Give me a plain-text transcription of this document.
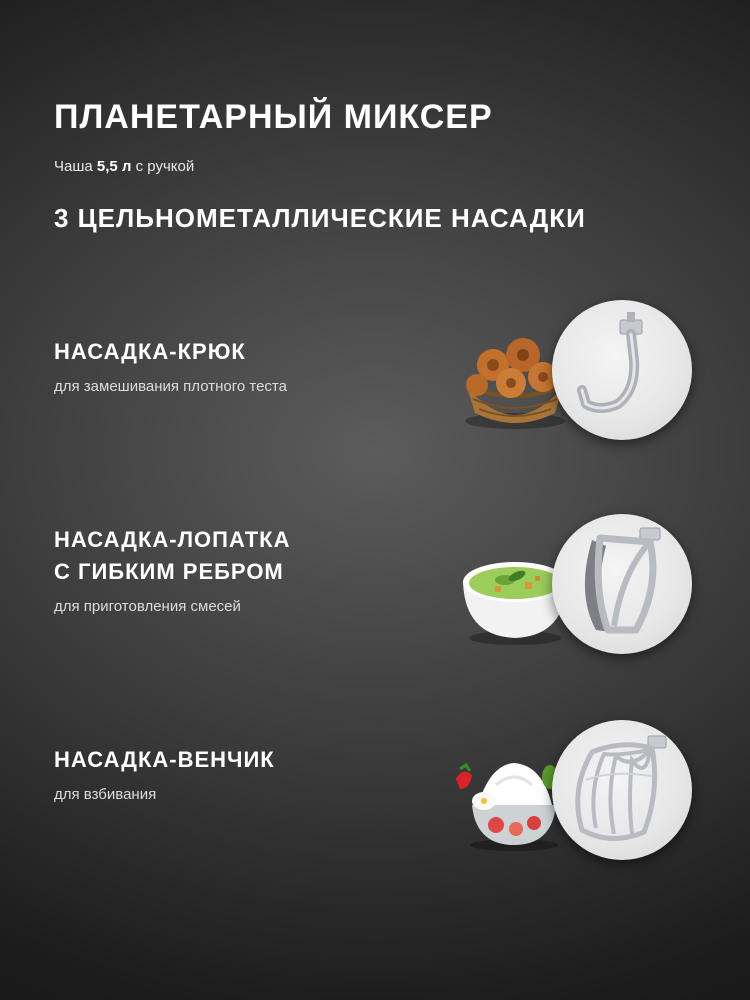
ПЛАНЕТАРНЫЙ МИКСЕР

Чаша 5,5 л с ручкой

3 ЦЕЛЬНОМЕТАЛЛИЧЕСКИЕ НАСАДКИ
НАСАДКА-КРЮК

для замешивания плотного теста

НАСАДКА-ЛОПАТКА
С ГИБКИМ РЕБРОМ

для приготовления смесей

НАСАДКА-ВЕНЧИК

для взбивания
